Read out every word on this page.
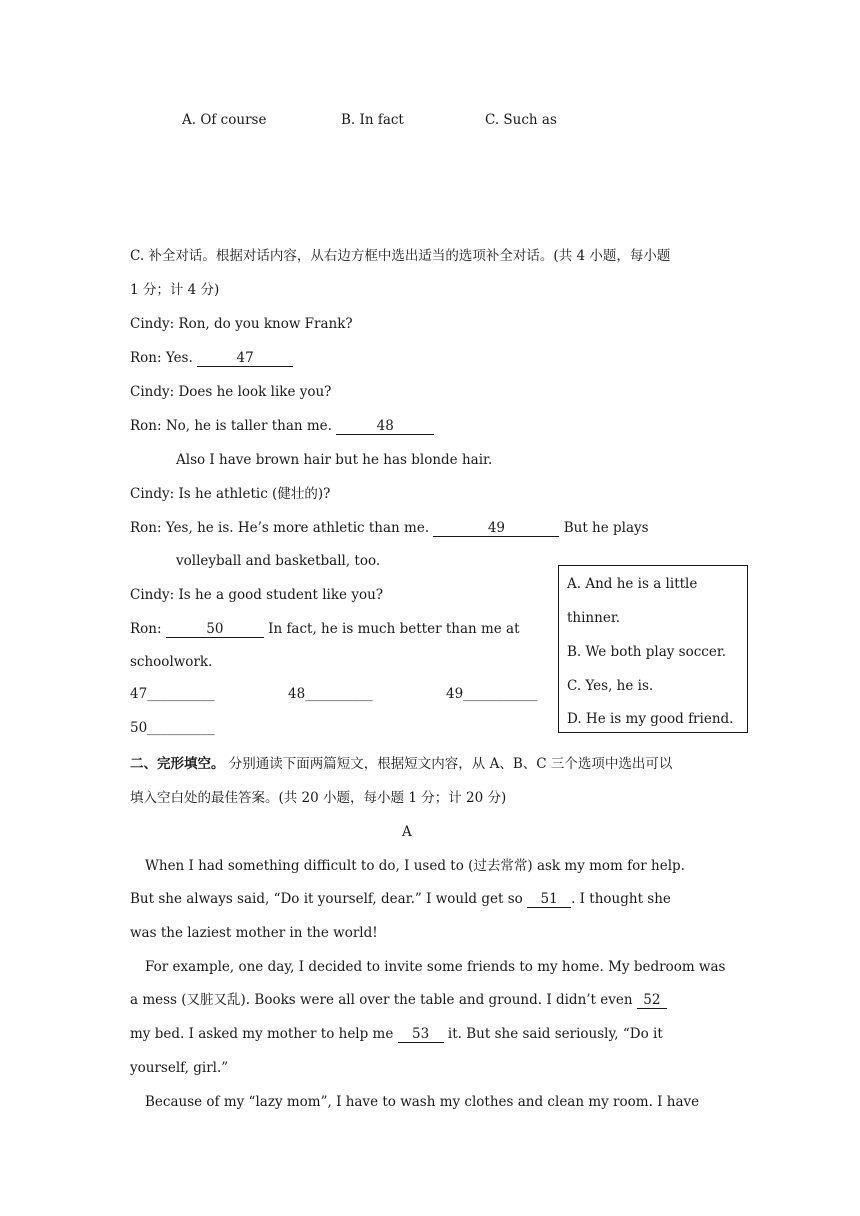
A. Of course	B. In fact	C. Such as
C. 补全对话。根据对话内容，从右边方框中选出适当的选项补全对话。(共 4 小题，每小题
1 分；计 4 分)
Cindy: Ron, do you know Frank?
Ron: Yes.	47
Cindy: Does he look like you?
Ron: No, he is taller than me.	48
Also I have brown hair but he has blonde hair.
Cindy: Is he athletic (健壮的)?
Ron: Yes, he is. He’s more athletic than me.	49	But he plays
volleyball and basketball, too.
Cindy: Is he a good student like you?
Ron:	50	In fact, he is much better than me at
schoolwork.
47__________	48__________	49___________
50__________
A. And he is a little
thinner.
B. We both play soccer.
C. Yes, he is.
D. He is my good friend.
二、完形填空。 分别通读下面两篇短文，根据短文内容，从 A、B、C 三个选项中选出可以
填入空白处的最佳答案。(共 20 小题，每小题 1 分；计 20 分)
A
When I had something difficult to do, I used to (过去常常) ask my mom for help.
But she always said, “Do it yourself, dear.” I would get so 51 . I thought she
was the laziest mother in the world!
For example, one day, I decided to invite some friends to my home. My bedroom was
a mess (又脏又乱). Books were all over the table and ground. I didn’t even 52
my bed. I asked my mother to help me 53 it. But she said seriously, “Do it
yourself, girl.”
Because of my “lazy mom”, I have to wash my clothes and clean my room. I have
